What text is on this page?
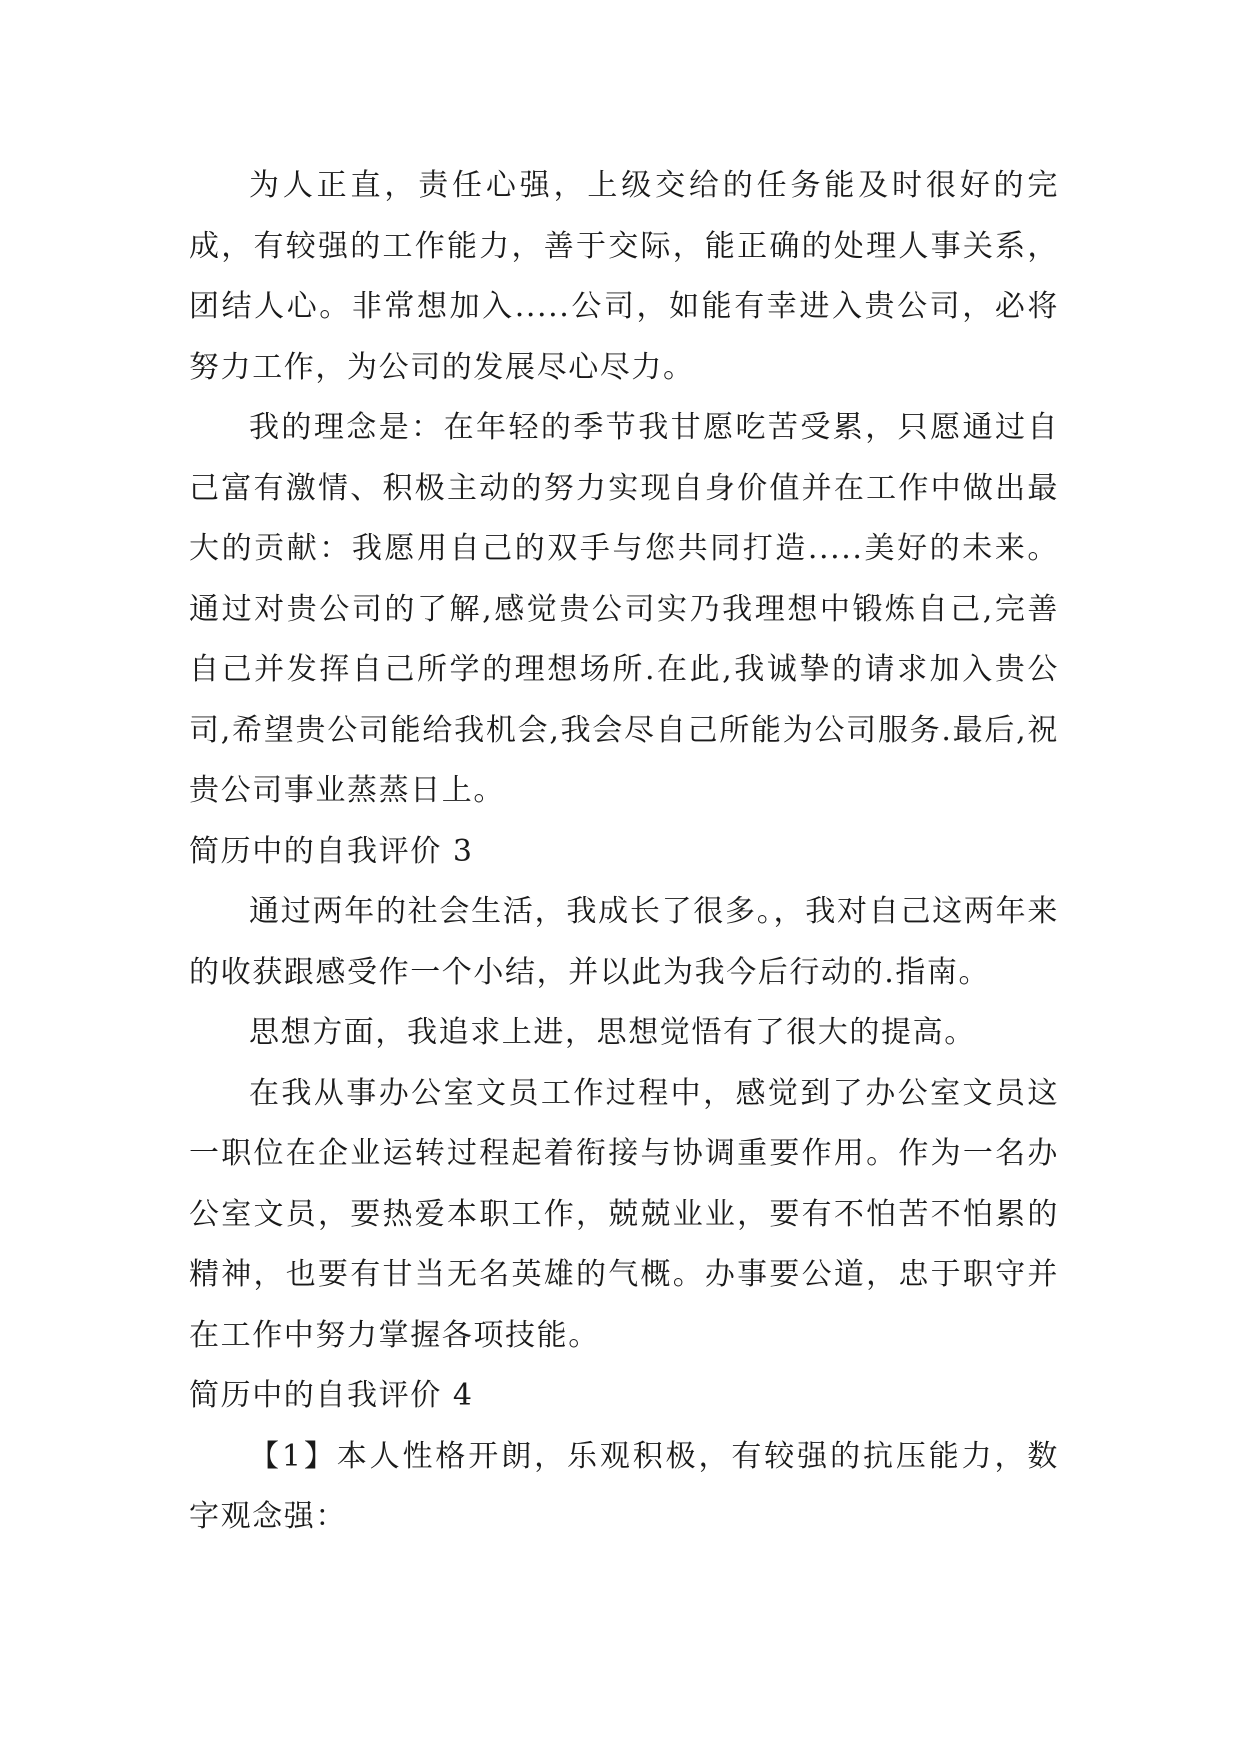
为人正直，责任心强，上级交给的任务能及时很好的完成，有较强的工作能力，善于交际，能正确的处理人事关系，团结人心。非常想加入.....公司，如能有幸进入贵公司，必将努力工作，为公司的发展尽心尽力。

我的理念是：在年轻的季节我甘愿吃苦受累，只愿通过自己富有激情、积极主动的努力实现自身价值并在工作中做出最大的贡献：我愿用自己的双手与您共同打造.....美好的未来。 通过对贵公司的了解,感觉贵公司实乃我理想中锻炼自己,完善自己并发挥自己所学的理想场所.在此,我诚挚的请求加入贵公司,希望贵公司能给我机会,我会尽自己所能为公司服务.最后,祝贵公司事业蒸蒸日上。

简历中的自我评价 3

通过两年的社会生活，我成长了很多。，我对自己这两年来的收获跟感受作一个小结，并以此为我今后行动的.指南。

思想方面，我追求上进，思想觉悟有了很大的提高。

在我从事办公室文员工作过程中，感觉到了办公室文员这一职位在企业运转过程起着衔接与协调重要作用。作为一名办公室文员，要热爱本职工作，兢兢业业，要有不怕苦不怕累的精神，也要有甘当无名英雄的气概。办事要公道，忠于职守并在工作中努力掌握各项技能。

简历中的自我评价 4

【1】本人性格开朗，乐观积极，有较强的抗压能力，数字观念强：
